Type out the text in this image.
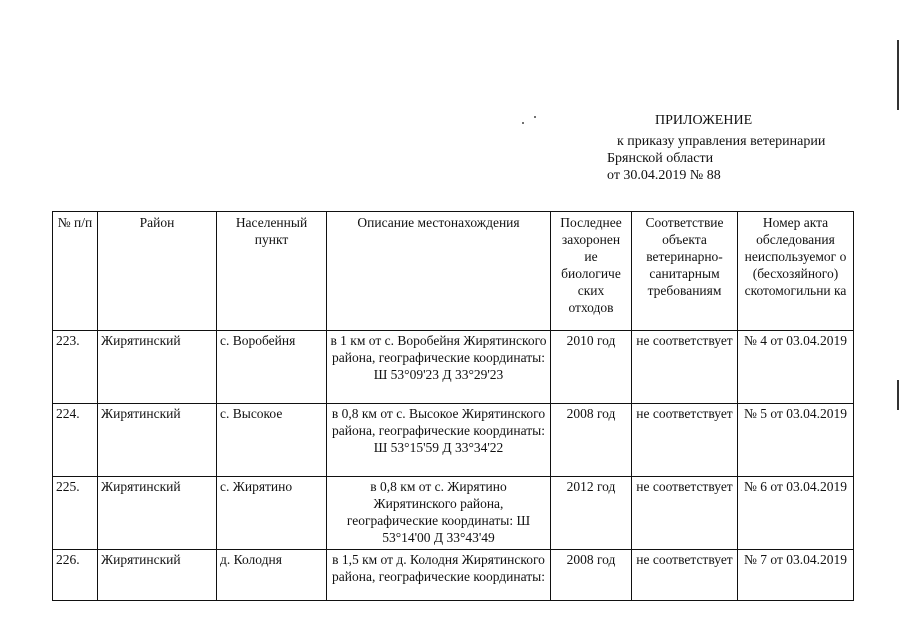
ПРИЛОЖЕНИЕ
к приказу управления ветеринарии
Брянской области
от 30.04.2019 № 88
№ п/п	Район	Населенный пункт	Описание местонахождения	Последнее захоронен ие биологиче ских отходов	Соответствие объекта ветеринарно-санитарным требованиям	Номер акта обследования неиспользуемог о (бесхозяйного) скотомогильни ка
223.	Жирятинский	с. Воробейня	в 1 км от с. Воробейня Жирятинского района, географические координаты: Ш 53°09'23 Д 33°29'23	2010 год	не соответствует	№ 4 от 03.04.2019
224.	Жирятинский	с. Высокое	в 0,8 км от с. Высокое Жирятинского района, географические координаты: Ш 53°15'59 Д 33°34'22	2008 год	не соответствует	№ 5 от 03.04.2019
225.	Жирятинский	с. Жирятино	в 0,8 км от с. Жирятино Жирятинского района, географические координаты: Ш 53°14'00 Д 33°43'49	2012 год	не соответствует	№ 6 от 03.04.2019
226.	Жирятинский	д. Колодня	в 1,5 км от д. Колодня Жирятинского района, географические координаты:	2008 год	не соответствует	№ 7 от 03.04.2019
